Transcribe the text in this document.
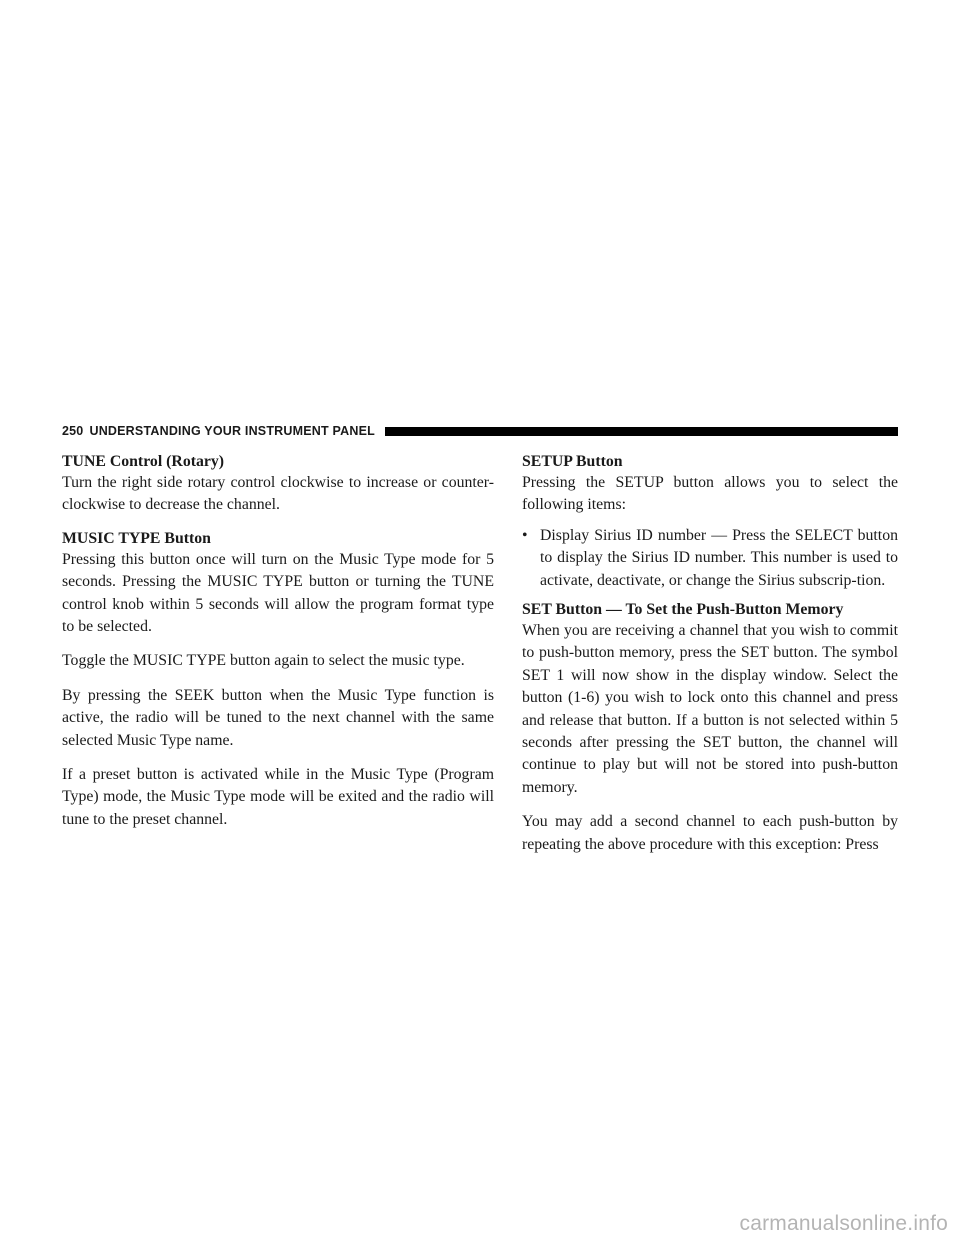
250 UNDERSTANDING YOUR INSTRUMENT PANEL
TUNE Control (Rotary)

Turn the right side rotary control clockwise to increase or counter-clockwise to decrease the channel.

MUSIC TYPE Button

Pressing this button once will turn on the Music Type mode for 5 seconds. Pressing the MUSIC TYPE button or turning the TUNE control knob within 5 seconds will allow the program format type to be selected.

Toggle the MUSIC TYPE button again to select the music type.

By pressing the SEEK button when the Music Type function is active, the radio will be tuned to the next channel with the same selected Music Type name.

If a preset button is activated while in the Music Type (Program Type) mode, the Music Type mode will be exited and the radio will tune to the preset channel.

SETUP Button

Pressing the SETUP button allows you to select the following items:

• Display Sirius ID number — Press the SELECT button to display the Sirius ID number. This number is used to activate, deactivate, or change the Sirius subscrip-tion.
SET Button — To Set the Push-Button Memory

When you are receiving a channel that you wish to commit to push-button memory, press the SET button. The symbol SET 1 will now show in the display window. Select the button (1-6) you wish to lock onto this channel and press and release that button. If a button is not selected within 5 seconds after pressing the SET button, the channel will continue to play but will not be stored into push-button memory.

You may add a second channel to each push-button by repeating the above procedure with this exception: Press

carmanualsonline.info
